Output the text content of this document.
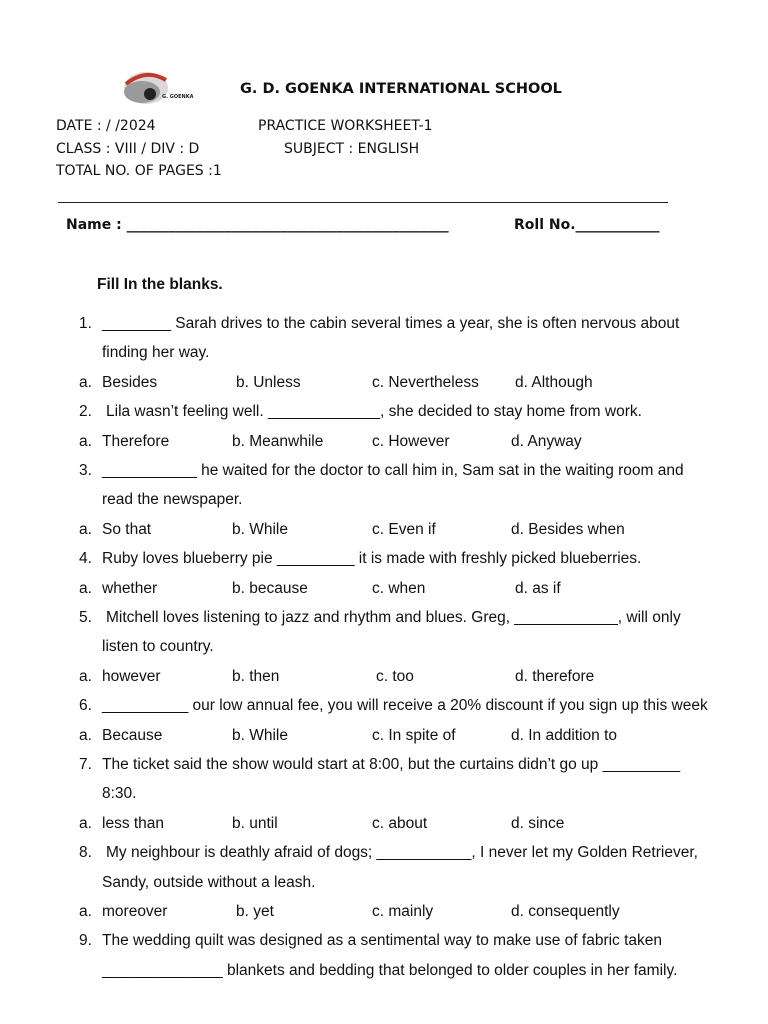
G. GOENKA	G. D. GOENKA INTERNATIONAL SCHOOL
DATE : / /2024	PRACTICE WORKSHEET-1
CLASS : VIII / DIV : D	SUBJECT : ENGLISH
TOTAL NO. OF PAGES :1
Name : ______________________________________________	Roll No.____________
Fill In the blanks.
1. ________ Sarah drives to the cabin several times a year, she is often nervous about
finding her way.
a. Besides	b. Unless	c. Nevertheless d. Although
2. Lila wasn’t feeling well. _____________, she decided to stay home from work.
a. Therefore	b. Meanwhile	c. However	d. Anyway
3. ___________ he waited for the doctor to call him in, Sam sat in the waiting room and
read the newspaper.
a. So that	b. While	c. Even if	d. Besides when
4. Ruby loves blueberry pie _________ it is made with freshly picked blueberries.
a. whether	b. because	c. when	d. as if
5. Mitchell loves listening to jazz and rhythm and blues. Greg, ____________, will only
listen to country.
a. however	b. then	c. too	d. therefore
6. __________ our low annual fee, you will receive a 20% discount if you sign up this week
a. Because	b. While	c. In spite of	d. In addition to
7. The ticket said the show would start at 8:00, but the curtains didn’t go up _________
8:30.
a. less than	b. until	c. about	d. since
8. My neighbour is deathly afraid of dogs; ___________, I never let my Golden Retriever,
Sandy, outside without a leash.
a. moreover	b. yet	c. mainly	d. consequently
9. The wedding quilt was designed as a sentimental way to make use of fabric taken
______________ blankets and bedding that belonged to older couples in her family.
